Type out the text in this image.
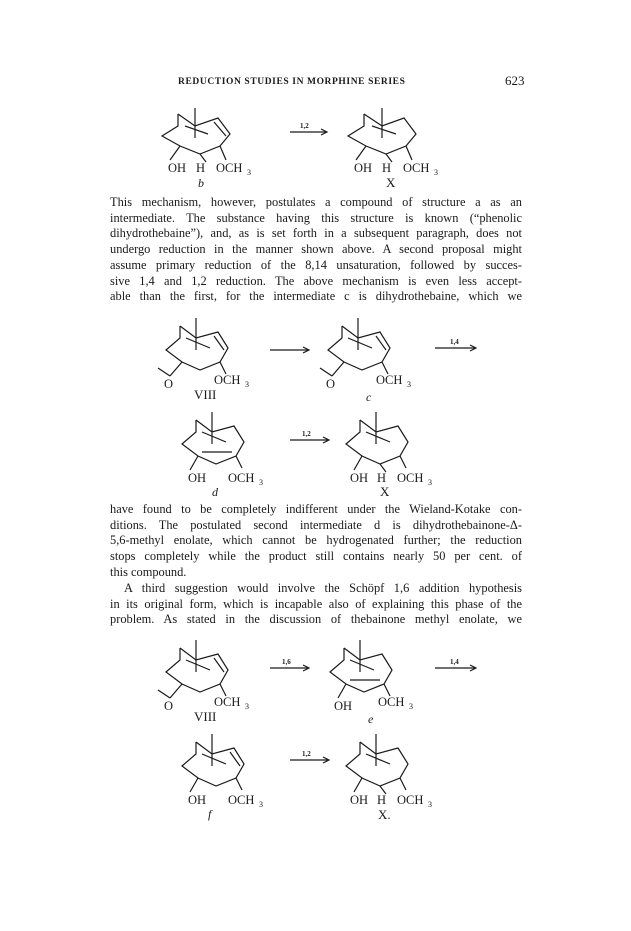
REDUCTION STUDIES IN MORPHINE SERIES	623
OH H OCH 3
b
1,2
OH H OCH 3
X
This mechanism, however, postulates a compound of structure a as an
intermediate. The substance having this structure is known (“phenolic
dihydrothebaine”), and, as is set forth in a subsequent paragraph, does not
undergo reduction in the manner shown above. A second proposal might
assume primary reduction of the 8,14 unsaturation, followed by succes-
sive 1,4 and 1,2 reduction. The above mechanism is even less accept-
able than the first, for the intermediate c is dihydrothebaine, which we
O	OCH 3
VIII
O	OCH 3
c
1,4
OH OCH 3
d
1,2
OH H OCH 3
X
have found to be completely indifferent under the Wieland-Kotake con-
ditions. The postulated second intermediate d is dihydrothebainone-Δ-
5,6-methyl enolate, which cannot be hydrogenated further; the reduction
stops completely while the product still contains nearly 50 per cent. of
this compound.
A third suggestion would involve the Schöpf 1,6 addition hypothesis
in its original form, which is incapable also of explaining this phase of the
problem. As stated in the discussion of thebainone methyl enolate, we
O	OCH 3
VIII
1,6
OH OCH 3
e
1,4
OH OCH 3
f
1,2
OH H OCH 3
X.
